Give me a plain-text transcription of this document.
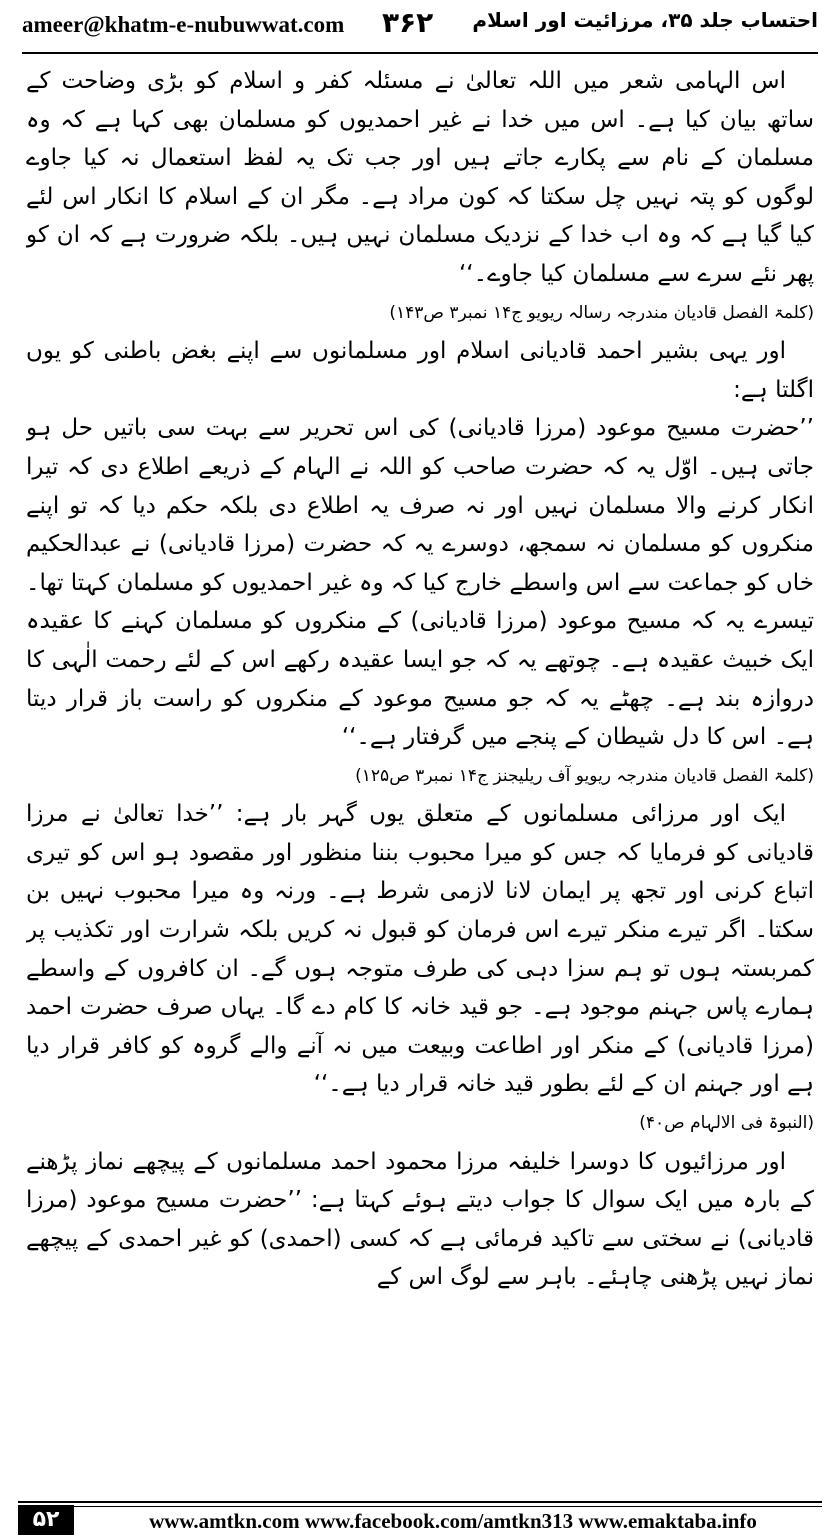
ameer@khatm-e-nubuwwat.com ۳۶۲ احتساب جلد ۳۵، مرزائیت اور اسلام

اس الہامی شعر میں اللہ تعالیٰ نے مسئلہ کفر و اسلام کو بڑی وضاحت کے ساتھ بیان کیا ہے۔ اس میں خدا نے غیر احمدیوں کو مسلمان بھی کہا ہے کہ وہ مسلمان کے نام سے پکارے جاتے ہیں اور جب تک یہ لفظ استعمال نہ کیا جاوے لوگوں کو پتہ نہیں چل سکتا کہ کون مراد ہے۔ مگر ان کے اسلام کا انکار اس لئے کیا گیا ہے کہ وہ اب خدا کے نزدیک مسلمان نہیں ہیں۔ بلکہ ضرورت ہے کہ ان کو پھر نئے سرے سے مسلمان کیا جاوے۔‘‘

(کلمۃ الفصل قادیان مندرجہ رسالہ ریویو ج۱۴ نمبر۳ ص۱۴۳)

اور یہی بشیر احمد قادیانی اسلام اور مسلمانوں سے اپنے بغض باطنی کو یوں اگلتا ہے:

’’حضرت مسیح موعود (مرزا قادیانی) کی اس تحریر سے بہت سی باتیں حل ہو جاتی ہیں۔ اوّل یہ کہ حضرت صاحب کو اللہ نے الہام کے ذریعے اطلاع دی کہ تیرا انکار کرنے والا مسلمان نہیں اور نہ صرف یہ اطلاع دی بلکہ حکم دیا کہ تو اپنے منکروں کو مسلمان نہ سمجھ، دوسرے یہ کہ حضرت (مرزا قادیانی) نے عبدالحکیم خاں کو جماعت سے اس واسطے خارج کیا کہ وہ غیر احمدیوں کو مسلمان کہتا تھا۔ تیسرے یہ کہ مسیح موعود (مرزا قادیانی) کے منکروں کو مسلمان کہنے کا عقیدہ ایک خبیث عقیدہ ہے۔ چوتھے یہ کہ جو ایسا عقیدہ رکھے اس کے لئے رحمت الٰہی کا دروازہ بند ہے۔ چھٹے یہ کہ جو مسیح موعود کے منکروں کو راست باز قرار دیتا ہے۔ اس کا دل شیطان کے پنجے میں گرفتار ہے۔‘‘

(کلمۃ الفصل قادیان مندرجہ ریویو آف ریلیجنز ج۱۴ نمبر۳ ص۱۲۵)

ایک اور مرزائی مسلمانوں کے متعلق یوں گہر بار ہے: ’’خدا تعالیٰ نے مرزا قادیانی کو فرمایا کہ جس کو میرا محبوب بننا منظور اور مقصود ہو اس کو تیری اتباع کرنی اور تجھ پر ایمان لانا لازمی شرط ہے۔ ورنہ وہ میرا محبوب نہیں بن سکتا۔ اگر تیرے منکر تیرے اس فرمان کو قبول نہ کریں بلکہ شرارت اور تکذیب پر کمربستہ ہوں تو ہم سزا دہی کی طرف متوجہ ہوں گے۔ ان کافروں کے واسطے ہمارے پاس جہنم موجود ہے۔ جو قید خانہ کا کام دے گا۔ یہاں صرف حضرت احمد (مرزا قادیانی) کے منکر اور اطاعت وبیعت میں نہ آنے والے گروہ کو کافر قرار دیا ہے اور جہنم ان کے لئے بطور قید خانہ قرار دیا ہے۔‘‘

(النبوۃ فی الالہام ص۴۰)

اور مرزائیوں کا دوسرا خلیفہ مرزا محمود احمد مسلمانوں کے پیچھے نماز پڑھنے کے بارہ میں ایک سوال کا جواب دیتے ہوئے کہتا ہے: ’’حضرت مسیح موعود (مرزا قادیانی) نے سختی سے تاکید فرمائی ہے کہ کسی (احمدی) کو غیر احمدی کے پیچھے نماز نہیں پڑھنی چاہئے۔ باہر سے لوگ اس کے

۵۲	www.amtkn.com www.facebook.com/amtkn313 www.emaktaba.info
